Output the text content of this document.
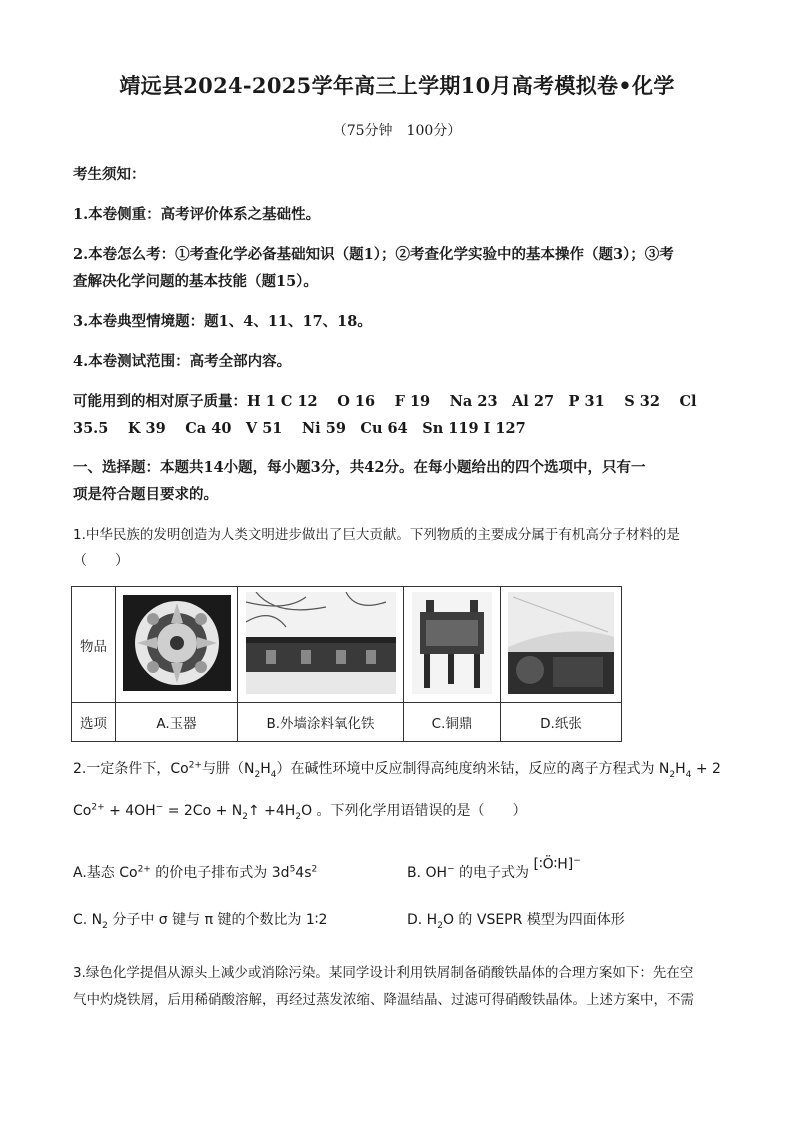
靖远县2024-2025学年高三上学期10月高考模拟卷•化学
（75分钟　100分）
考生须知：
1.本卷侧重：高考评价体系之基础性。
2.本卷怎么考：①考查化学必备基础知识（题1）；②考查化学实验中的基本操作（题3）；③考
查解决化学问题的基本技能（题15）。
3.本卷典型情境题：题1、4、11、17、18。
4.本卷测试范围：高考全部内容。
可能用到的相对原子质量：H 1 C 12　 O 16　 F 19　 Na 23　Al 27　P 31　 S 32　 Cl
35.5　 K 39　 Ca 40　V 51　 Ni 59　Cu 64　Sn 119 I 127
一、选择题：本题共14小题，每小题3分，共42分。在每小题给出的四个选项中，只有一
项是符合题目要求的。
1.中华民族的发明创造为人类文明进步做出了巨大贡献。下列物质的主要成分属于有机高分子材料的是
（　　）
物品				
选项	A.玉器	B.外墙涂料氧化铁	C.铜鼎	D.纸张
2.一定条件下，$Co^{2+}$与肼$(N_2H_4)$在碱性环境中反应制得高纯度纳米钴，反应的离子方程式为 $N_2H_4 + 2$
$Co^{2+} + 4OH^- = 2Co$ + $N_2↑ +4H_2O$ 。下列化学用语错误的是（　　）
A.基态 $Co^{2+}$ 的价电子排布式为 $3d^54s^2$	B. OH− 的电子式为 [∶Ö∶H]−
C. $N_2$ 分子中 σ 键与 π 键的个数比为 1∶2	D. $H_2O$ 的 VSEPR 模型为四面体形
3.绿色化学提倡从源头上减少或消除污染。某同学设计利用铁屑制备硝酸铁晶体的合理方案如下：先在空
气中灼烧铁屑，后用稀硝酸溶解，再经过蒸发浓缩、降温结晶、过滤可得硝酸铁晶体。上述方案中，不需
